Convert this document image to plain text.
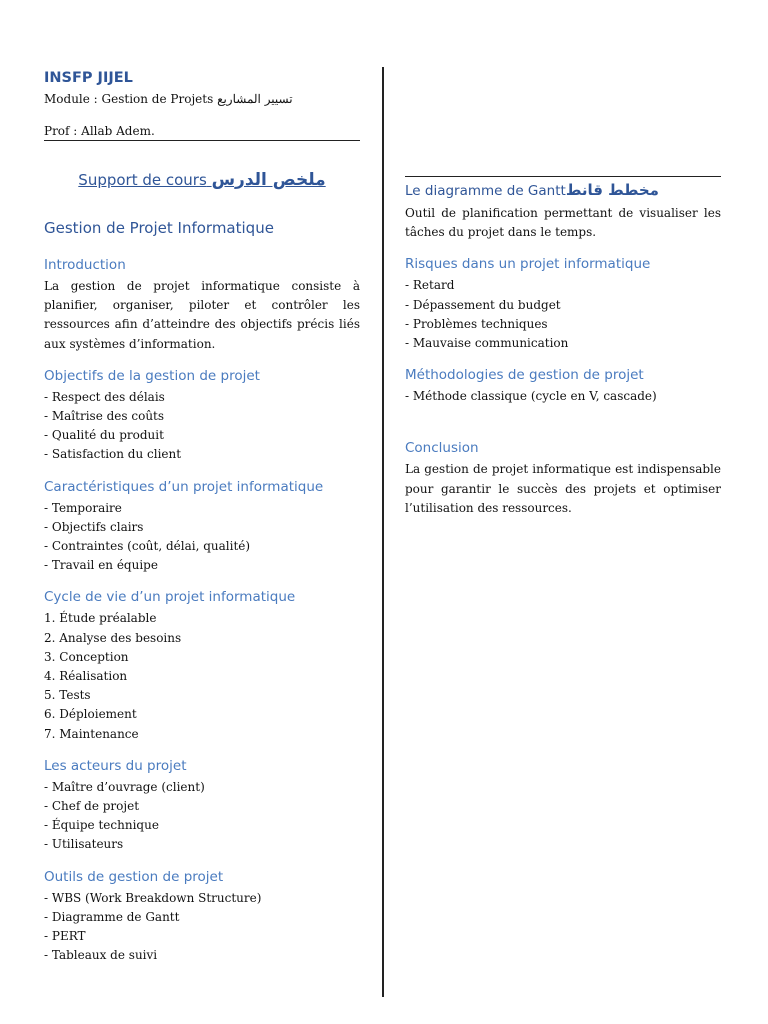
INSFP JIJEL
Module : Gestion de Projets تسيير المشاريع
Prof : Allab Adem.
Support de cours ملخص الدرس
Gestion de Projet Informatique
Introduction

La gestion de projet informatique consiste à planifier, organiser, piloter et contrôler les ressources afin d’atteindre des objectifs précis liés aux systèmes d’information.

Objectifs de la gestion de projet
- Respect des délais
- Maîtrise des coûts
- Qualité du produit
- Satisfaction du client
Caractéristiques d’un projet informatique
- Temporaire
- Objectifs clairs
- Contraintes (coût, délai, qualité)
- Travail en équipe
Cycle de vie d’un projet informatique
1. Étude préalable
2. Analyse des besoins
3. Conception
4. Réalisation
5. Tests
6. Déploiement
7. Maintenance
Les acteurs du projet
- Maître d’ouvrage (client)
- Chef de projet
- Équipe technique
- Utilisateurs
Outils de gestion de projet
- WBS (Work Breakdown Structure)
- Diagramme de Gantt
- PERT
- Tableaux de suivi
Le diagramme de Ganttمخطط قانط

Outil de planification permettant de visualiser les tâches du projet dans le temps.

Risques dans un projet informatique
- Retard
- Dépassement du budget
- Problèmes techniques
- Mauvaise communication
Méthodologies de gestion de projet
- Méthode classique (cycle en V, cascade)
Conclusion

La gestion de projet informatique est indispensable pour garantir le succès des projets et optimiser l’utilisation des ressources.
